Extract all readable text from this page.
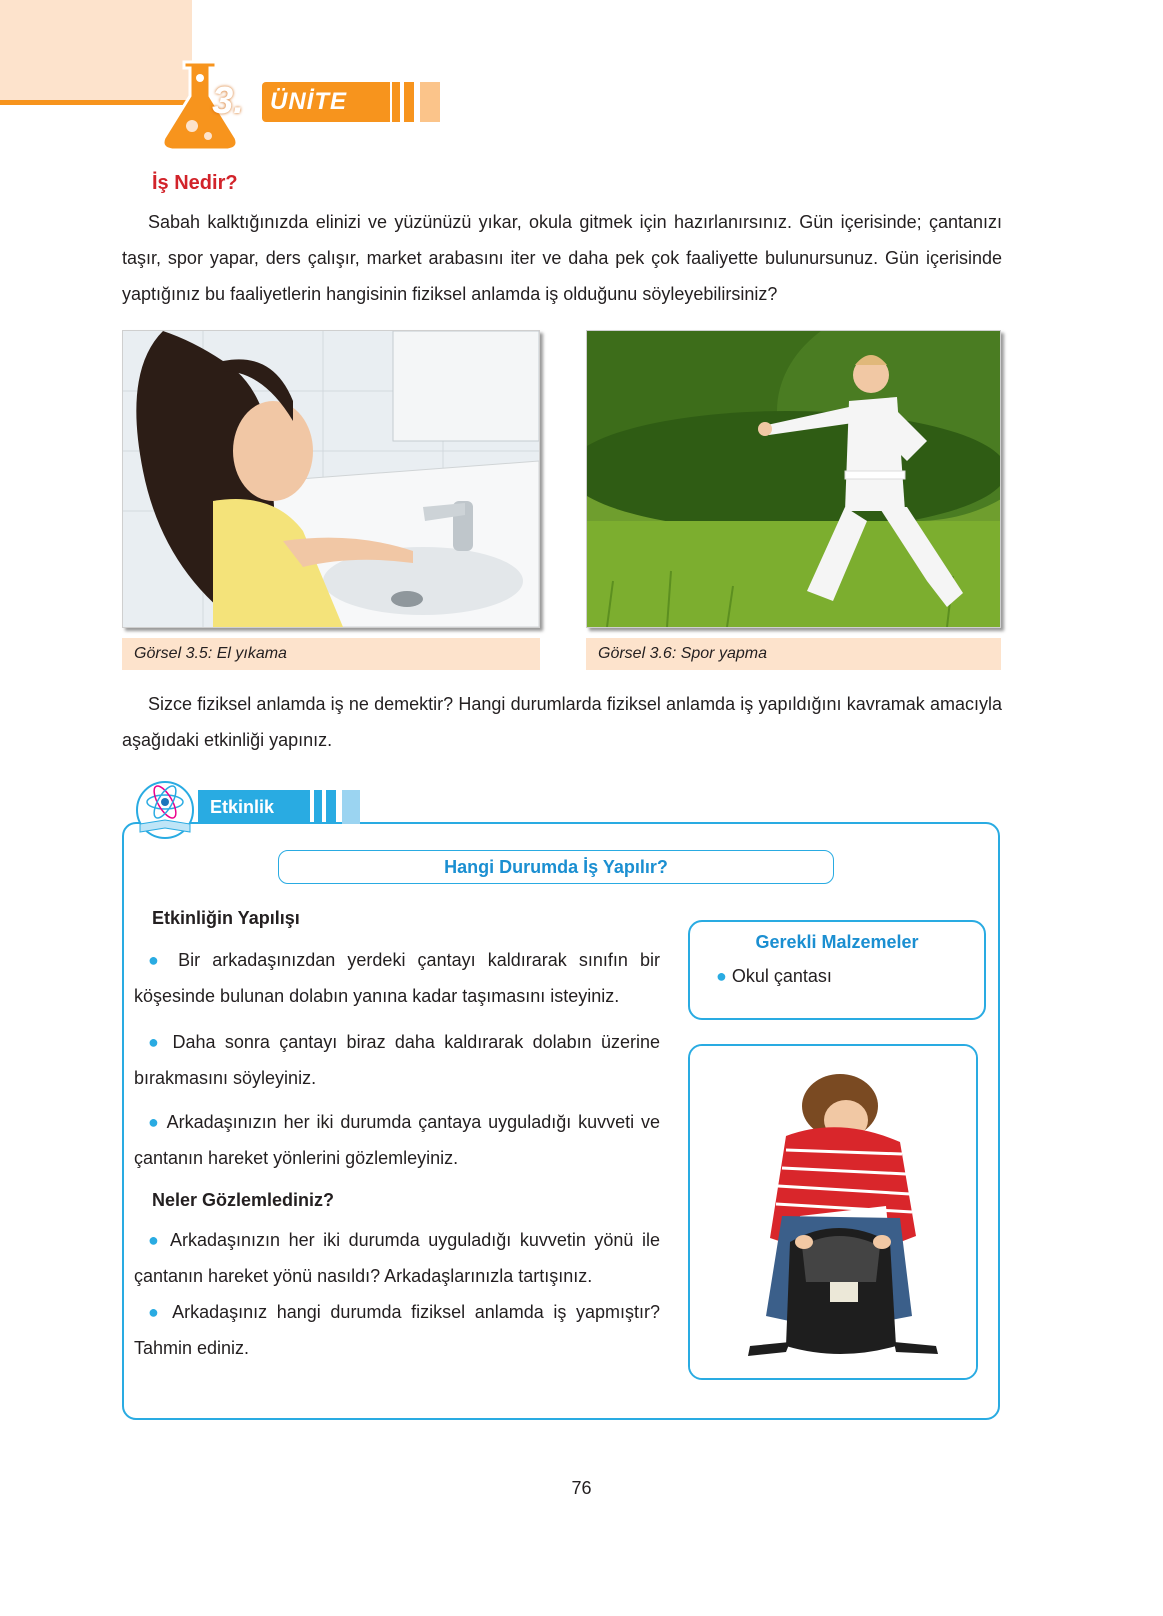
3.	ÜNİTE
İş Nedir?
Sabah kalktığınızda elinizi ve yüzünüzü yıkar, okula gitmek için hazırlanırsınız. Gün içerisinde; çantanızı taşır, spor yapar, ders çalışır, market arabasını iter ve daha pek çok faaliyette bulunursunuz. Gün içerisinde yaptığınız bu faaliyetlerin hangisinin fiziksel anlamda iş olduğunu söyleyebilirsiniz?
Görsel 3.5: El yıkama	Görsel 3.6: Spor yapma
Sizce fiziksel anlamda iş ne demektir? Hangi durumlarda fiziksel anlamda iş yapıldığını kavramak amacıyla aşağıdaki etkinliği yapınız.
Etkinlik
Hangi Durumda İş Yapılır?
Etkinliğin Yapılışı
● Bir arkadaşınızdan yerdeki çantayı kaldırarak sınıfın bir köşesinde bulunan dolabın yanına kadar taşımasını isteyiniz.
● Daha sonra çantayı biraz daha kaldırarak dolabın üzerine bırakmasını söyleyiniz.
● Arkadaşınızın her iki durumda çantaya uyguladığı kuvveti ve çantanın hareket yönlerini gözlemleyiniz.
Neler Gözlemlediniz?
● Arkadaşınızın her iki durumda uyguladığı kuvvetin yönü ile çantanın hareket yönü nasıldı? Arkadaşlarınızla tartışınız.
● Arkadaşınız hangi durumda fiziksel anlamda iş yapmıştır? Tahmin ediniz.
Gerekli Malzemeler
● Okul çantası
76
